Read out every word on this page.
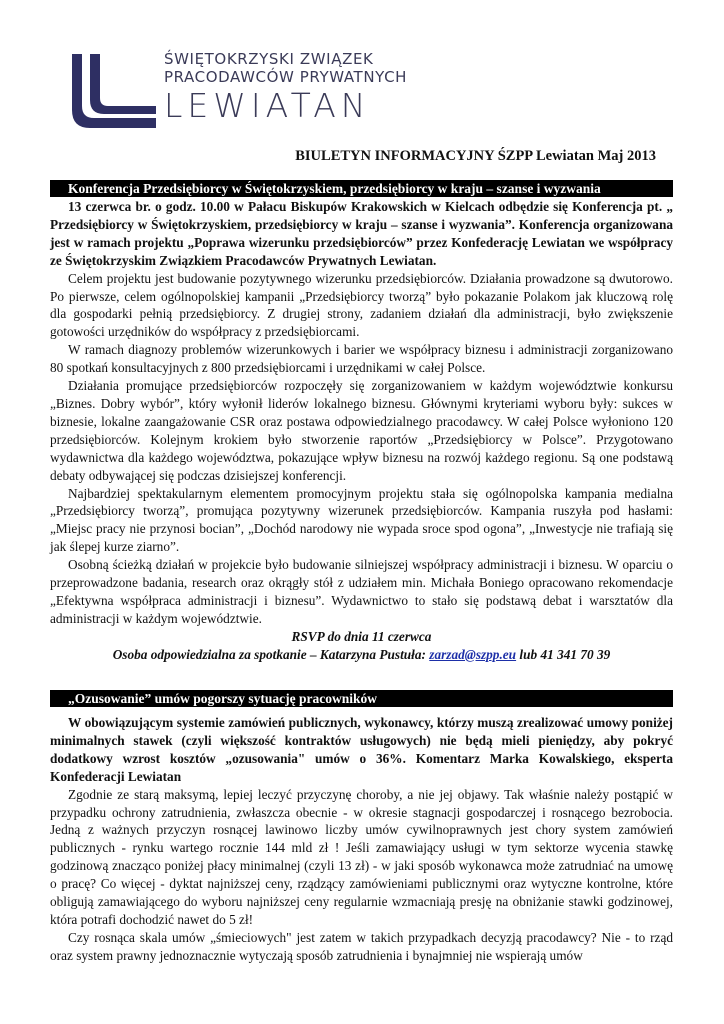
ŚWIĘTOKRZYSKI ZWIĄZEK
PRACODAWCÓW PRYWATNYCH
LEWIATAN
BIULETYN INFORMACYJNY ŚZPP Lewiatan Maj 2013
Konferencja Przedsiębiorcy w Świętokrzyskiem, przedsiębiorcy w kraju – szanse i wyzwania

13 czerwca br. o godz. 10.00 w Pałacu Biskupów Krakowskich w Kielcach odbędzie się Konferencja pt. „ Przedsiębiorcy w Świętokrzyskiem, przedsiębiorcy w kraju – szanse i wyzwania”. Konferencja organizowana jest w ramach projektu „Poprawa wizerunku przedsiębiorców” przez Konfederację Lewiatan we współpracy ze Świętokrzyskim Związkiem Pracodawców Prywatnych Lewiatan.

Celem projektu jest budowanie pozytywnego wizerunku przedsiębiorców. Działania prowadzone są dwutorowo. Po pierwsze, celem ogólnopolskiej kampanii „Przedsiębiorcy tworzą” było pokazanie Polakom jak kluczową rolę dla gospodarki pełnią przedsiębiorcy. Z drugiej strony, zadaniem działań dla administracji, było zwiększenie gotowości urzędników do współpracy z przedsiębiorcami.

W ramach diagnozy problemów wizerunkowych i barier we współpracy biznesu i administracji zorganizowano 80 spotkań konsultacyjnych z 800 przedsiębiorcami i urzędnikami w całej Polsce.

Działania promujące przedsiębiorców rozpoczęły się zorganizowaniem w każdym województwie konkursu „Biznes. Dobry wybór”, który wyłonił liderów lokalnego biznesu. Głównymi kryteriami wyboru były: sukces w biznesie, lokalne zaangażowanie CSR oraz postawa odpowiedzialnego pracodawcy. W całej Polsce wyłoniono 120 przedsiębiorców. Kolejnym krokiem było stworzenie raportów „Przedsiębiorcy w Polsce”. Przygotowano wydawnictwa dla każdego województwa, pokazujące wpływ biznesu na rozwój każdego regionu. Są one podstawą debaty odbywającej się podczas dzisiejszej konferencji.

Najbardziej spektakularnym elementem promocyjnym projektu stała się ogólnopolska kampania medialna „Przedsiębiorcy tworzą”, promująca pozytywny wizerunek przedsiębiorców. Kampania ruszyła pod hasłami: „Miejsc pracy nie przynosi bocian”, „Dochód narodowy nie wypada sroce spod ogona”, „Inwestycje nie trafiają się jak ślepej kurze ziarno”.

Osobną ścieżką działań w projekcie było budowanie silniejszej współpracy administracji i biznesu. W oparciu o przeprowadzone badania, research oraz okrągły stół z udziałem min. Michała Boniego opracowano rekomendacje „Efektywna współpraca administracji i biznesu”. Wydawnictwo to stało się podstawą debat i warsztatów dla administracji w każdym województwie.

RSVP do dnia 11 czerwca

Osoba odpowiedzialna za spotkanie – Katarzyna Pustuła: zarzad@szpp.eu lub 41 341 70 39

„Ozusowanie” umów pogorszy sytuację pracowników

W obowiązującym systemie zamówień publicznych, wykonawcy, którzy muszą zrealizować umowy poniżej minimalnych stawek (czyli większość kontraktów usługowych) nie będą mieli pieniędzy, aby pokryć dodatkowy wzrost kosztów „ozusowania" umów o 36%. Komentarz Marka Kowalskiego, eksperta Konfederacji Lewiatan

Zgodnie ze starą maksymą, lepiej leczyć przyczynę choroby, a nie jej objawy. Tak właśnie należy postąpić w przypadku ochrony zatrudnienia, zwłaszcza obecnie - w okresie stagnacji gospodarczej i rosnącego bezrobocia. Jedną z ważnych przyczyn rosnącej lawinowo liczby umów cywilnoprawnych jest chory system zamówień publicznych - rynku wartego rocznie 144 mld zł ! Jeśli zamawiający usługi w tym sektorze wycenia stawkę godzinową znacząco poniżej płacy minimalnej (czyli 13 zł) - w jaki sposób wykonawca może zatrudniać na umowę o pracę? Co więcej - dyktat najniższej ceny, rządzący zamówieniami publicznymi oraz wytyczne kontrolne, które obligują zamawiającego do wyboru najniższej ceny regularnie wzmacniają presję na obniżanie stawki godzinowej, która potrafi dochodzić nawet do 5 zł!

Czy rosnąca skala umów „śmieciowych" jest zatem w takich przypadkach decyzją pracodawcy? Nie - to rząd oraz system prawny jednoznacznie wytyczają sposób zatrudnienia i bynajmniej nie wspierają umów
